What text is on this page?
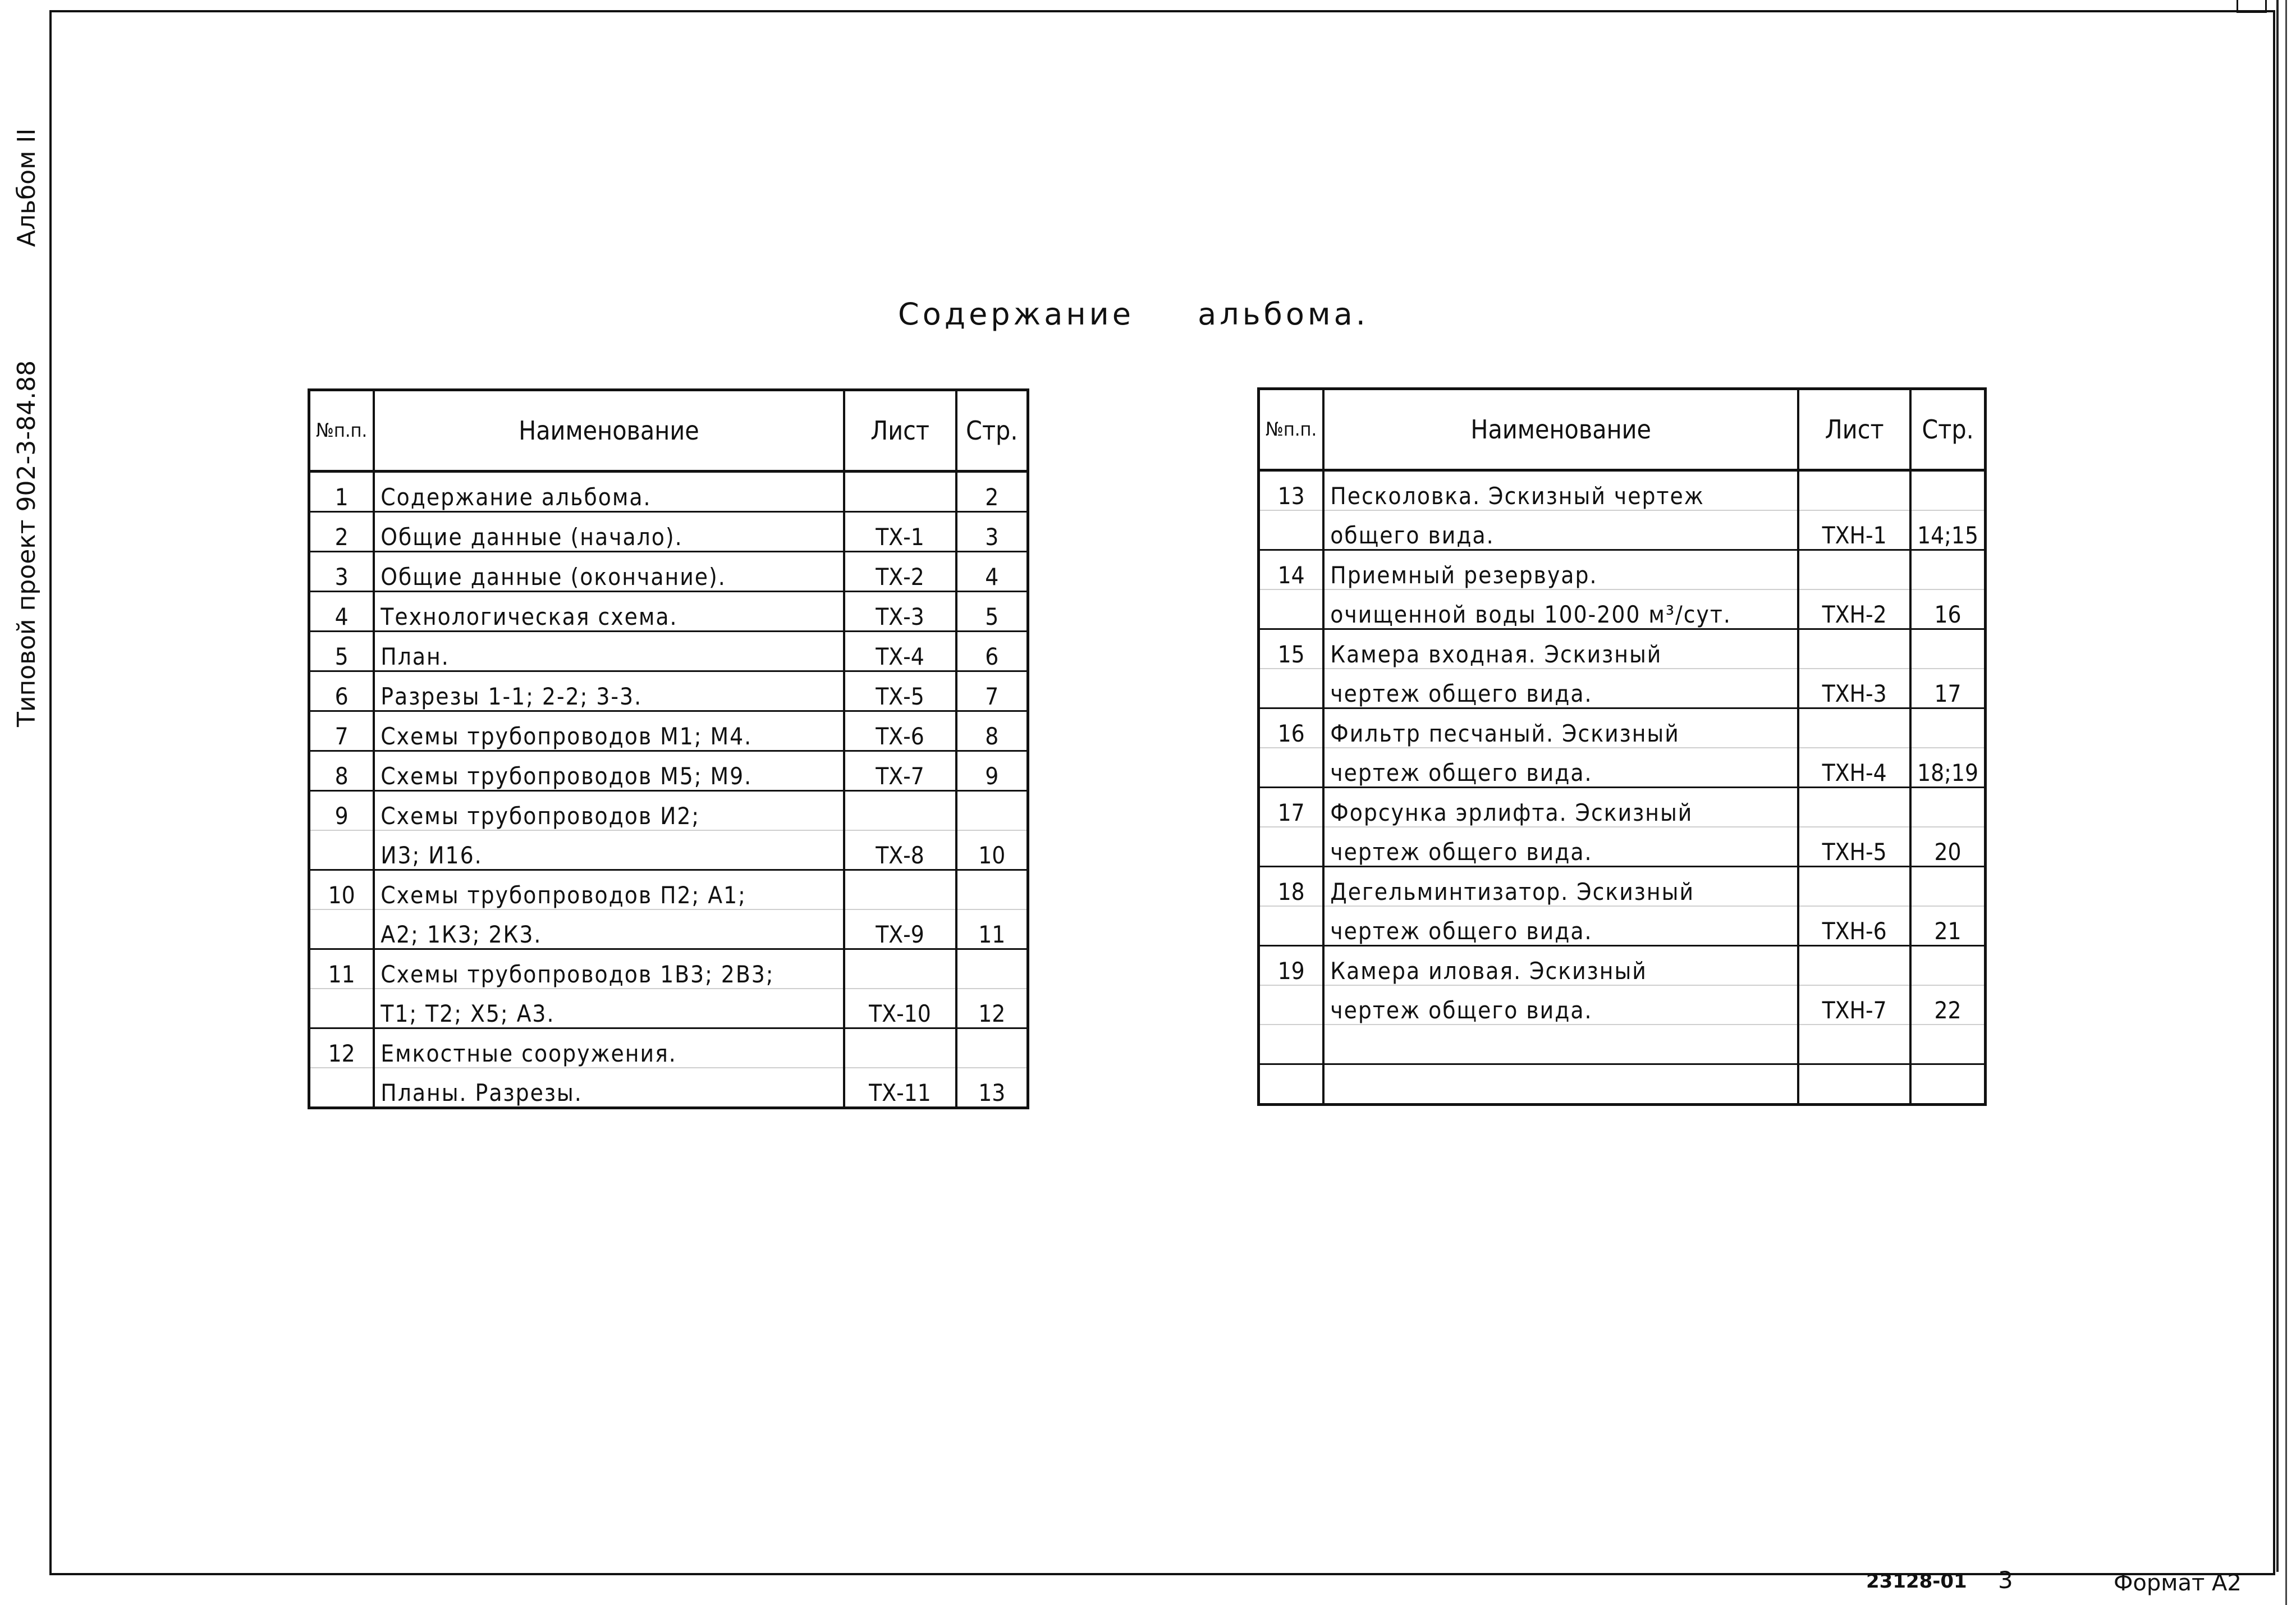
Типовой проект 902-3-84.88
Альбом II
Содержание альбома.
№п.п.	Наименование	Лист	Стр.
1	Содержание альбома.		2
2	Общие данные (начало).	ТХ-1	3
3	Общие данные (окончание).	ТХ-2	4
4	Технологическая схема.	ТХ-3	5
5	План.	ТХ-4	6
6	Разрезы 1-1; 2-2; 3-3.	ТХ-5	7
7	Схемы трубопроводов М1; М4.	ТХ-6	8
8	Схемы трубопроводов М5; М9.	ТХ-7	9
9	Схемы трубопроводов И2;		
	И3; И16.	ТХ-8	10
10	Схемы трубопроводов П2; А1;		
	А2; 1К3; 2К3.	ТХ-9	11
11	Схемы трубопроводов 1В3; 2В3;		
	Т1; Т2; Х5; А3.	ТХ-10	12
12	Емкостные сооружения.		
	Планы. Разрезы.	ТХ-11	13
№п.п.	Наименование	Лист	Стр.
13	Песколовка. Эскизный чертеж		
	общего вида.	ТХН-1	14;15
14	Приемный резервуар.		
	очищенной воды 100-200 м³/сут.	ТХН-2	16
15	Камера входная. Эскизный		
	чертеж общего вида.	ТХН-3	17
16	Фильтр песчаный. Эскизный		
	чертеж общего вида.	ТХН-4	18;19
17	Форсунка эрлифта. Эскизный		
	чертеж общего вида.	ТХН-5	20
18	Дегельминтизатор. Эскизный		
	чертеж общего вида.	ТХН-6	21
19	Камера иловая. Эскизный		
	чертеж общего вида.	ТХН-7	22

23128-01 3	Формат А2
